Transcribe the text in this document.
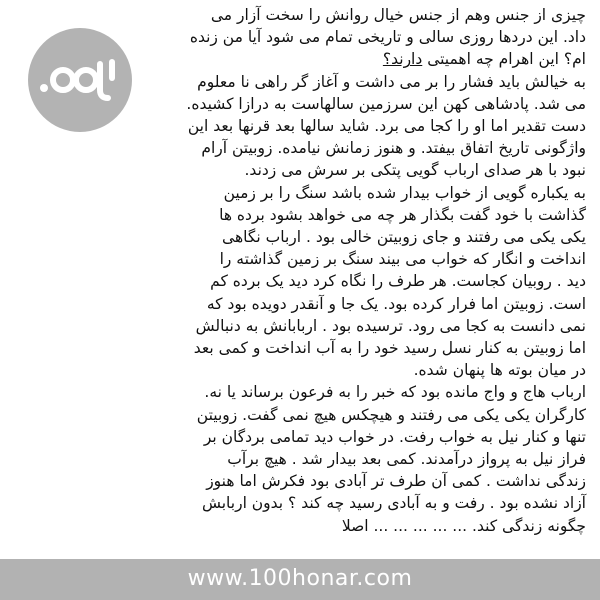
چیزی از جنس وهم از جنس خیال روانش را سخت آزار می
داد. این دردها روزی سالی و تاریخی تمام می شود آیا من زنده
ام؟ این اهرام چه اهمیتی دارند؟

به خیالش باید فشار را بر می داشت و آغاز گر راهی نا معلوم
می شد. پادشاهی کهن این سرزمین سالهاست به درازا کشیده.
دست تقدیر اما او را کجا می برد. شاید سالها بعد قرنها بعد این
واژگونی تاریخ اتفاق بیفتد. و هنوز زمانش نیامده. زوبیتن آرام
نبود با هر صدای ارباب گویی پتکی بر سرش می زدند.

به یکباره گویی از خواب بیدار شده باشد سنگ را بر زمین
گذاشت با خود گفت بگذار هر چه می خواهد بشود برده ها
یکی یکی می رفتند و جای زوبیتن خالی بود . ارباب نگاهی
انداخت و انگار که خواب می بیند سنگ بر زمین گذاشته را
دید . روبیان کجاست. هر طرف را نگاه کرد دید یک برده کم
است. زوبیتن اما فرار کرده بود. یک جا و آنقدر دویده بود که
نمی دانست به کجا می رود. ترسیده بود . اربابانش به دنبالش
اما زوبیتن به کنار نسل رسید خود را به آب انداخت و کمی بعد
در میان بوته ها پنهان شده.

ارباب هاج و واج مانده بود که خبر را به فرعون برساند یا نه.
کارگران یکی یکی می رفتند و هیچکس هیچ نمی گفت. زوبیتن
تنها و کنار نیل به خواب رفت. در خواب دید تمامی بردگان بر
فراز نیل به پرواز درآمدند. کمی بعد بیدار شد . هیچ برآب
زندگی نداشت . کمی آن طرف تر آبادی بود فکرش اما هنوز
آزاد نشده بود . رفت و به آبادی رسید چه کند ؟ بدون اربابش
چگونه زندگی کند. ... ... ... ... ... اصلا

www.100honar.com
